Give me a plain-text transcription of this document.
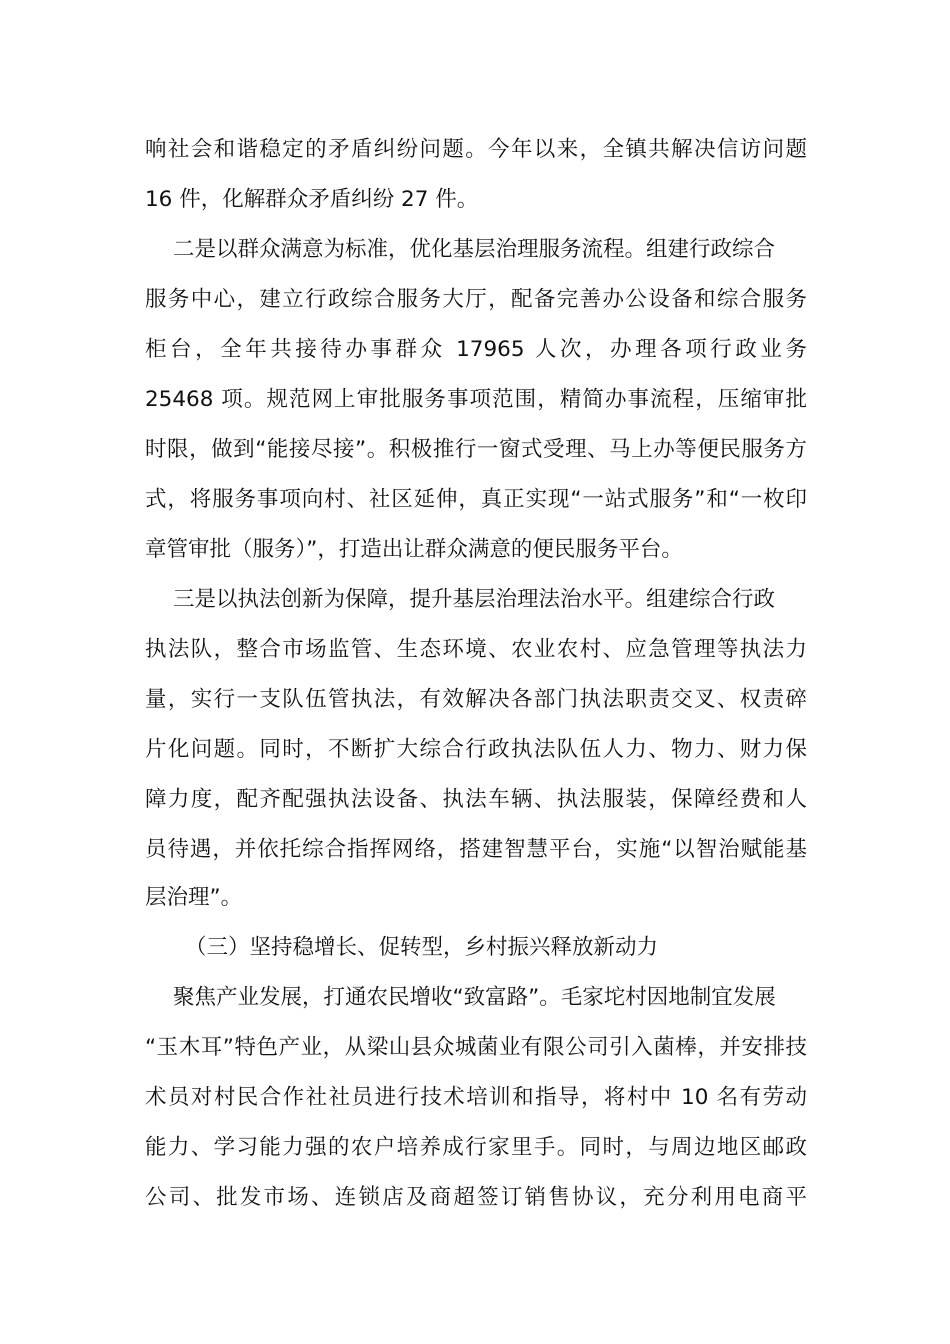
响社会和谐稳定的矛盾纠纷问题。今年以来，全镇共解决信访问题
16 件，化解群众矛盾纠纷 27 件。
二是以群众满意为标准，优化基层治理服务流程。组建行政综合
服务中心，建立行政综合服务大厅，配备完善办公设备和综合服务
柜台，全年共接待办事群众 17965 人次，办理各项行政业务
25468 项。规范网上审批服务事项范围，精简办事流程，压缩审批
时限，做到“能接尽接”。积极推行一窗式受理、马上办等便民服务方
式，将服务事项向村、社区延伸，真正实现“一站式服务”和“一枚印
章管审批（服务）”，打造出让群众满意的便民服务平台。
三是以执法创新为保障，提升基层治理法治水平。组建综合行政
执法队，整合市场监管、生态环境、农业农村、应急管理等执法力
量，实行一支队伍管执法，有效解决各部门执法职责交叉、权责碎
片化问题。同时，不断扩大综合行政执法队伍人力、物力、财力保
障力度，配齐配强执法设备、执法车辆、执法服装，保障经费和人
员待遇，并依托综合指挥网络，搭建智慧平台，实施“以智治赋能基
层治理”。
（三）坚持稳增长、促转型，乡村振兴释放新动力
聚焦产业发展，打通农民增收“致富路”。毛家坨村因地制宜发展
“玉木耳”特色产业，从梁山县众城菌业有限公司引入菌棒，并安排技
术员对村民合作社社员进行技术培训和指导，将村中 10 名有劳动
能力、学习能力强的农户培养成行家里手。同时，与周边地区邮政
公司、批发市场、连锁店及商超签订销售协议，充分利用电商平
